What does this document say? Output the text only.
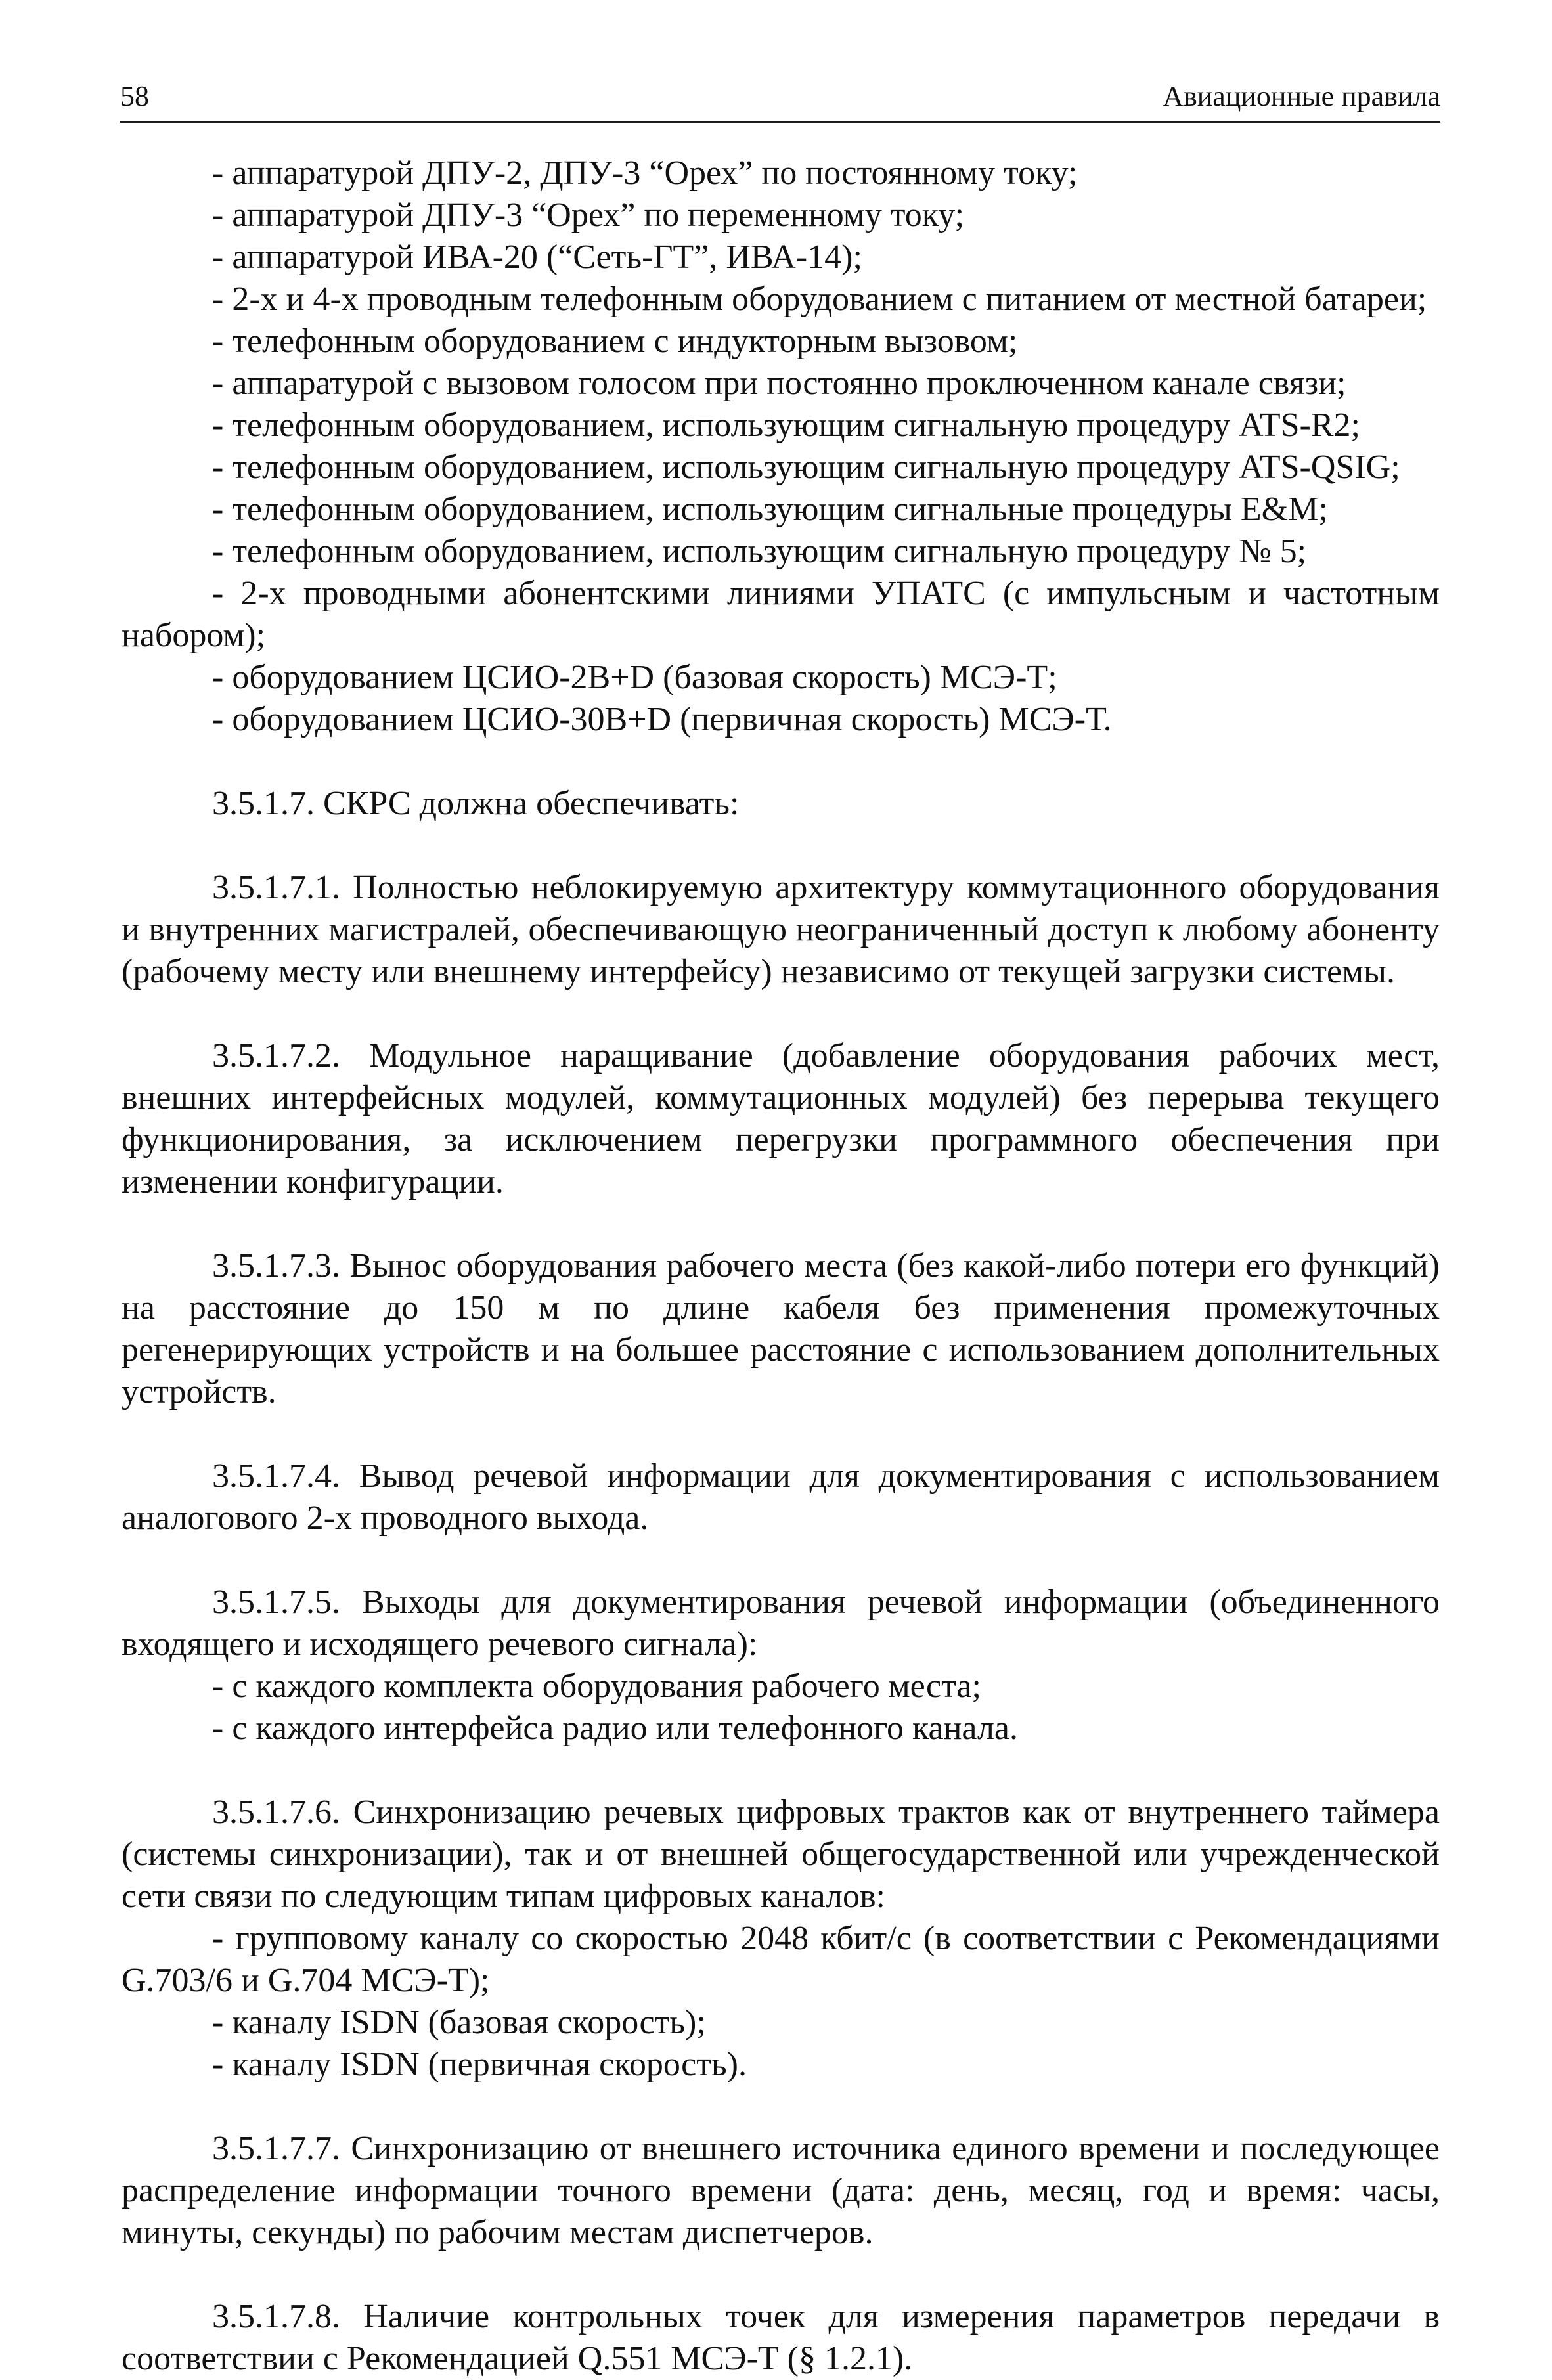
58	Авиационные правила

- аппаратурой ДПУ-2, ДПУ-3 “Орех” по постоянному току;

- аппаратурой ДПУ-3 “Орех” по переменному току;

- аппаратурой ИВА-20 (“Сеть-ГТ”, ИВА-14);

- 2-х и 4-х проводным телефонным оборудованием с питанием от местной батареи;

- телефонным оборудованием с индукторным вызовом;

- аппаратурой с вызовом голосом при постоянно проключенном канале связи;

- телефонным оборудованием, использующим сигнальную процедуру ATS-R2;

- телефонным оборудованием, использующим сигнальную процедуру ATS-QSIG;

- телефонным оборудованием, использующим сигнальные процедуры E&M;

- телефонным оборудованием, использующим сигнальную процедуру № 5;

- 2-х проводными абонентскими линиями УПАТС (с импульсным и частотным набором);

- оборудованием ЦСИО-2B+D (базовая скорость) МСЭ-Т;

- оборудованием ЦСИО-30B+D (первичная скорость) МСЭ-Т.

3.5.1.7. СКРС должна обеспечивать:

3.5.1.7.1. Полностью неблокируемую архитектуру коммутационного оборудования и внутренних магистралей, обеспечивающую неограниченный доступ к любому абоненту (рабочему месту или внешнему интерфейсу) независимо от текущей загрузки системы.

3.5.1.7.2. Модульное наращивание (добавление оборудования рабочих мест, внешних интерфейсных модулей, коммутационных модулей) без перерыва текущего функционирования, за исключением перегрузки программного обеспечения при изменении конфигурации.

3.5.1.7.3. Вынос оборудования рабочего места (без какой-либо потери его функций) на расстояние до 150 м по длине кабеля без применения промежуточных регенерирующих устройств и на большее расстояние с использованием дополнительных устройств.

3.5.1.7.4. Вывод речевой информации для документирования с использованием аналогового 2-х проводного выхода.

3.5.1.7.5. Выходы для документирования речевой информации (объединенного входящего и исходящего речевого сигнала):

- с каждого комплекта оборудования рабочего места;

- с каждого интерфейса радио или телефонного канала.

3.5.1.7.6. Синхронизацию речевых цифровых трактов как от внутреннего таймера (системы синхронизации), так и от внешней общегосударственной или учрежденческой сети связи по следующим типам цифровых каналов:

- групповому каналу со скоростью 2048 кбит/с (в соответствии с Рекомендациями G.703/6 и G.704 МСЭ-Т);

- каналу ISDN (базовая скорость);

- каналу ISDN (первичная скорость).

3.5.1.7.7. Синхронизацию от внешнего источника единого времени и последующее распределение информации точного времени (дата: день, месяц, год и время: часы, минуты, секунды) по рабочим местам диспетчеров.

3.5.1.7.8. Наличие контрольных точек для измерения параметров передачи в соответствии с Рекомендацией Q.551 МСЭ-Т (§ 1.2.1).
